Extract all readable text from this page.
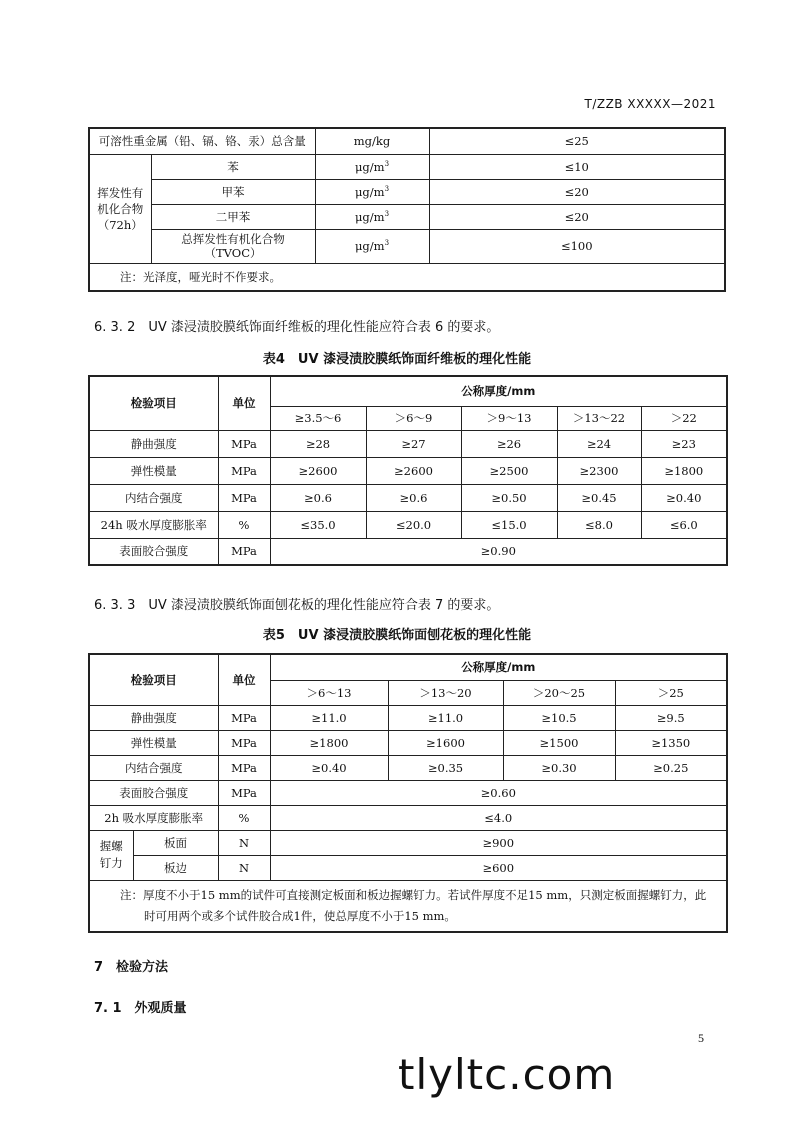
T/ZZB XXXXX—2021
可溶性重金属（铅、镉、铬、汞）总含量		mg/kg	≤25
挥发性有机化合物（72h）	苯	$\mu g/m^3$	≤10
	甲苯	$\mu g/m^3$	≤20
	二甲苯	$\mu g/m^3$	≤20
	总挥发性有机化合物（TVOC）	$\mu g/m^3$	≤100
注：光泽度，哑光时不作要求。			
6. 3. 2　UV 漆浸渍胶膜纸饰面纤维板的理化性能应符合表 6 的要求。
表4　UV 漆浸渍胶膜纸饰面纤维板的理化性能
检验项目	单位	公称厚度/mm				
		≥3.5～6	＞6～9	＞9～13	＞13～22	＞22
静曲强度	MPa	≥28	≥27	≥26	≥24	≥23
弹性模量	MPa	≥2600	≥2600	≥2500	≥2300	≥1800
内结合强度	MPa	≥0.6	≥0.6	≥0.50	≥0.45	≥0.40
24h 吸水厚度膨胀率	%	≤35.0	≤20.0	≤15.0	≤8.0	≤6.0
表面胶合强度	MPa	≥0.90				
6. 3. 3　UV 漆浸渍胶膜纸饰面刨花板的理化性能应符合表 7 的要求。
表5　UV 漆浸渍胶膜纸饰面刨花板的理化性能
检验项目		单位	公称厚度/mm			
			＞6～13	＞13～20	＞20～25	＞25
静曲强度		MPa	≥11.0	≥11.0	≥10.5	≥9.5
弹性模量		MPa	≥1800	≥1600	≥1500	≥1350
内结合强度		MPa	≥0.40	≥0.35	≥0.30	≥0.25
表面胶合强度		MPa	≥0.60			
2h 吸水厚度膨胀率		%	≤4.0			
握螺钉力	板面	N	≥900			
	板边	N	≥600			

注：厚度不小于15 mm的试件可直接测定板面和板边握螺钉力。若试件厚度不足15 mm，只测定板面握螺钉力，此
时可用两个或多个试件胶合成1件，使总厚度不小于15 mm。						
7　检验方法
7. 1　外观质量
5
tlyltc.com
